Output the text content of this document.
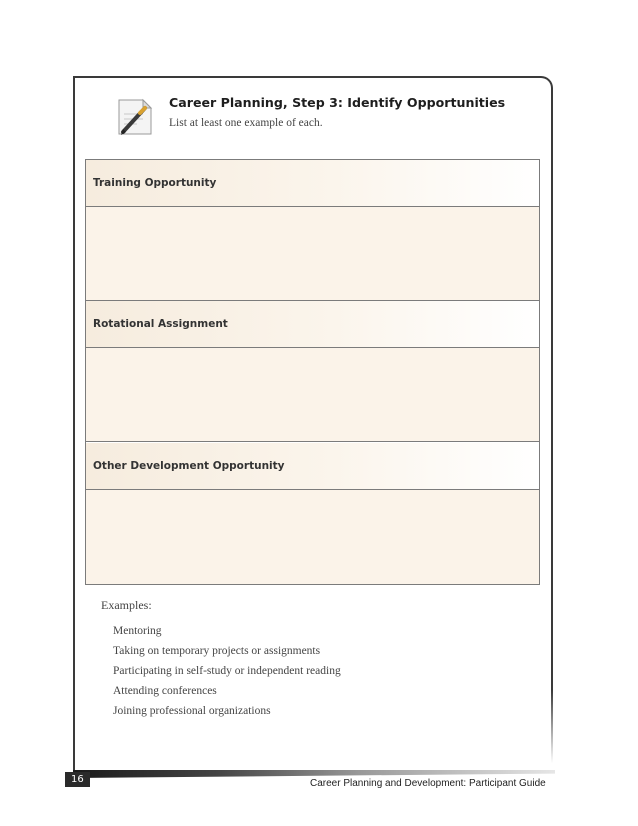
Career Planning, Step 3: Identify Opportunities
List at least one example of each.
Training Opportunity
Rotational Assignment
Other Development Opportunity
Examples:
Mentoring
Taking on temporary projects or assignments
Participating in self-study or independent reading
Attending conferences
Joining professional organizations
16	Career Planning and Development: Participant Guide
